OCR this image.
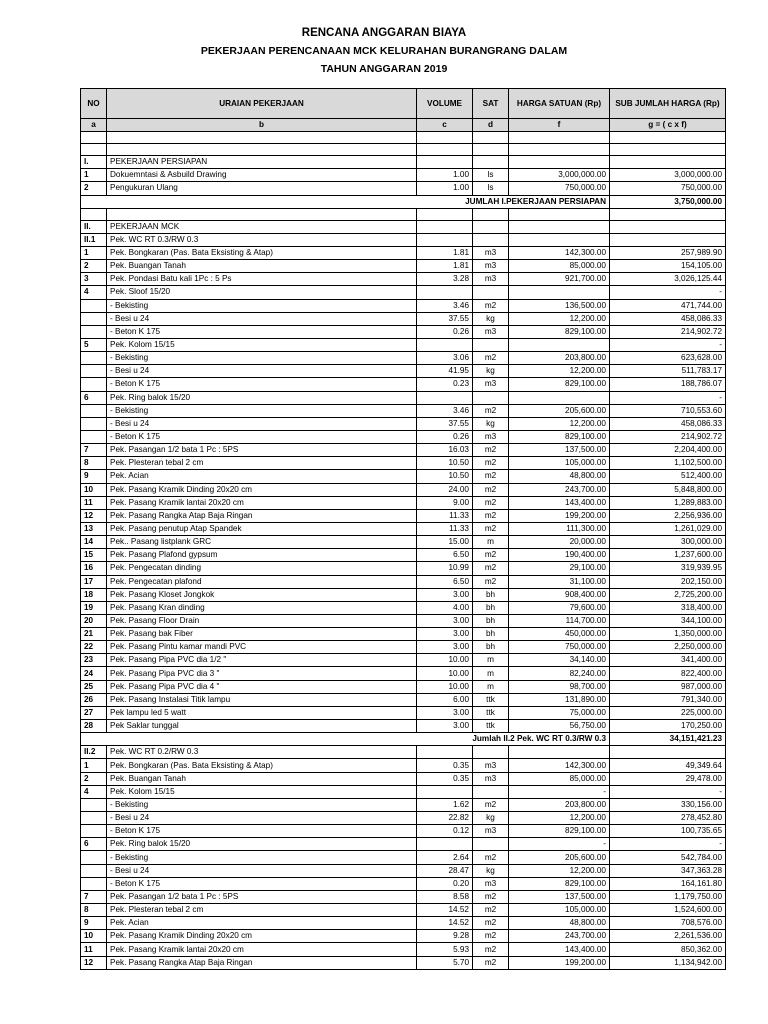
RENCANA ANGGARAN BIAYA
PEKERJAAN PERENCANAAN MCK KELURAHAN BURANGRANG DALAM
TAHUN ANGGARAN 2019
NO	URAIAN PEKERJAAN	VOLUME	SAT	HARGA SATUAN (Rp)	SUB JUMLAH HARGA (Rp)
a	b	c	d	f	g = ( c x f)

I.	PEKERJAAN PERSIAPAN				
1	Dokuemntasi & Asbuild Drawing	1.00	ls	3,000,000.00	3,000,000.00
2	Pengukuran Ulang	1.00	ls	750,000.00	750,000.00
JUMLAH I.PEKERJAAN PERSIAPAN					3,750,000.00

II.	PEKERJAAN MCK				
II.1	Pek. WC RT 0.3/RW 0.3				
1	Pek. Bongkaran (Pas. Bata Eksisting & Atap)	1.81	m3	142,300.00	257,989.90
2	Pek. Buangan Tanah	1.81	m3	85,000.00	154,105.00
3	Pek. Pondasi Batu kali 1Pc : 5 Ps	3.28	m3	921,700.00	3,026,125.44
4	Pek. Sloof 15/20				-
	- Bekisting	3.46	m2	136,500.00	471,744.00
	- Besi u 24	37.55	kg	12,200.00	458,086.33
	- Beton K 175	0.26	m3	829,100.00	214,902.72
5	Pek. Kolom 15/15				-
	- Bekisting	3.06	m2	203,800.00	623,628.00
	- Besi u 24	41.95	kg	12,200.00	511,783.17
	- Beton K 175	0.23	m3	829,100.00	188,786.07
6	Pek. Ring balok 15/20				-
	- Bekisting	3.46	m2	205,600.00	710,553.60
	- Besi u 24	37.55	kg	12,200.00	458,086.33
	- Beton K 175	0.26	m3	829,100.00	214,902.72
7	Pek. Pasangan 1/2 bata 1 Pc : 5PS	16.03	m2	137,500.00	2,204,400.00
8	Pek. Plesteran tebal 2 cm	10.50	m2	105,000.00	1,102,500.00
9	Pek. Acian	10.50	m2	48,800.00	512,400.00
10	Pek. Pasang Kramik Dinding 20x20 cm	24.00	m2	243,700.00	5,848,800.00
11	Pek. Pasang Kramik lantai 20x20 cm	9.00	m2	143,400.00	1,289,883.00
12	Pek. Pasang Rangka Atap Baja Ringan	11.33	m2	199,200.00	2,256,936.00
13	Pek. Pasang penutup Atap Spandek	11.33	m2	111,300.00	1,261,029.00
14	Pek.. Pasang listplank GRC	15.00	m	20,000.00	300,000.00
15	Pek. Pasang Plafond gypsum	6.50	m2	190,400.00	1,237,600.00
16	Pek. Pengecatan dinding	10.99	m2	29,100.00	319,939.95
17	Pek. Pengecatan plafond	6.50	m2	31,100.00	202,150.00
18	Pek. Pasang Kloset Jongkok	3.00	bh	908,400.00	2,725,200.00
19	Pek. Pasang Kran dinding	4.00	bh	79,600.00	318,400.00
20	Pek. Pasang Floor Drain	3.00	bh	114,700.00	344,100.00
21	Pek. Pasang bak Fiber	3.00	bh	450,000.00	1,350,000.00
22	Pek. Pasang Pintu kamar mandi PVC	3.00	bh	750,000.00	2,250,000.00
23	Pek. Pasang Pipa PVC dia 1/2 "	10.00	m	34,140.00	341,400.00
24	Pek. Pasang Pipa PVC dia 3 "	10.00	m	82,240.00	822,400.00
25	Pek. Pasang Pipa PVC dia 4 "	10.00	m	98,700.00	987,000.00
26	Pek. Pasang Instalasi Titik lampu	6.00	ttk	131,890.00	791,340.00
27	Pek lampu led 5 watt	3.00	ttk	75,000.00	225,000.00
28	Pek Saklar tunggal	3.00	ttk	56,750.00	170,250.00
Jumlah II.2 Pek. WC RT 0.3/RW 0.3					34,151,421.23
II.2	Pek. WC RT 0.2/RW 0.3				
1	Pek. Bongkaran (Pas. Bata Eksisting & Atap)	0.35	m3	142,300.00	49,349.64
2	Pek. Buangan Tanah	0.35	m3	85,000.00	29,478.00
4	Pek. Kolom 15/15			-	-
	- Bekisting	1.62	m2	203,800.00	330,156.00
	- Besi u 24	22.82	kg	12,200.00	278,452.80
	- Beton K 175	0.12	m3	829,100.00	100,735.65
6	Pek. Ring balok 15/20			-	-
	- Bekisting	2.64	m2	205,600.00	542,784.00
	- Besi u 24	28.47	kg	12,200.00	347,363.28
	- Beton K 175	0.20	m3	829,100.00	164,161.80
7	Pek. Pasangan 1/2 bata 1 Pc : 5PS	8.58	m2	137,500.00	1,179,750.00
8	Pek. Plesteran tebal 2 cm	14.52	m2	105,000.00	1,524,600.00
9	Pek. Acian	14.52	m2	48,800.00	708,576.00
10	Pek. Pasang Kramik Dinding 20x20 cm	9.28	m2	243,700.00	2,261,536.00
11	Pek. Pasang Kramik lantai 20x20 cm	5.93	m2	143,400.00	850,362.00
12	Pek. Pasang Rangka Atap Baja Ringan	5.70	m2	199,200.00	1,134,942.00
